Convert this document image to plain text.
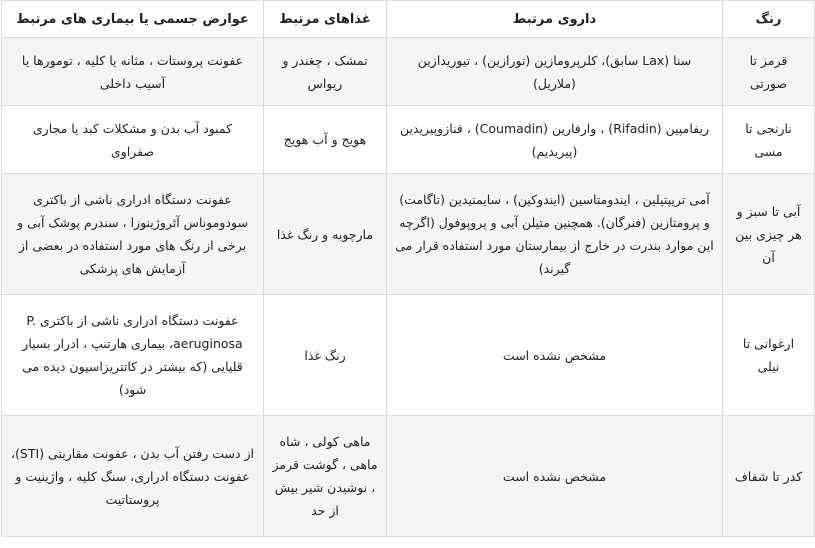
رنگ	داروی مرتبط	غذاهای مرتبط	عوارض جسمی یا بیماری های مرتبط
قرمز تا صورتی	سنا (Lax سابق)، کلرپرومازین (تورازین) ، تیوریدازین (ملاریل)	تمشک ، چغندر و ریواس	عفونت پروستات ، مثانه یا کلیه ، تومورها یا آسیب داخلی
نارنجی تا مسی	ریفامپین (Rifadin) ، وارفارین (Coumadin) ، فنازوپیریدین (پیریدیم)	هویج و آب هویج	کمبود آب بدن و مشکلات کبد یا مجاری صفراوی
آبی تا سبز و هر چیزی بین آن	آمی تریپتیلین ، ایندومتاسین (ایندوکین) ، سایمتیدین (تاگامت) و پرومتازین (فنرگان). همچنین متیلن آبی و پروپوفول (اگرچه این موارد بندرت در خارج از بیمارستان مورد استفاده قرار می گیرند)	مارچوبه و رنگ غذا	عفونت دستگاه ادراری ناشی از باکتری سودوموناس آئروژینوزا ، سندرم پوشک آبی و برخی از رنگ های مورد استفاده در بعضی از آزمایش های پزشکی
ارغوانی تا نیلی	مشخص نشده است	رنگ غذا	عفونت دستگاه ادراری ناشی از باکتری P. aeruginosa، بیماری هارتنپ ، ادرار بسیار قلیایی (که بیشتر در کاتتریزاسیون دیده می شود)
کدر تا شفاف	مشخص نشده است	ماهی کولی ، شاه ماهی ، گوشت قرمز ، نوشیدن شیر بیش از حد	از دست رفتن آب بدن ، عفونت مقاربتی (STI)، عفونت دستگاه ادراری، سنگ کلیه ، واژینیت و پروستاتیت
